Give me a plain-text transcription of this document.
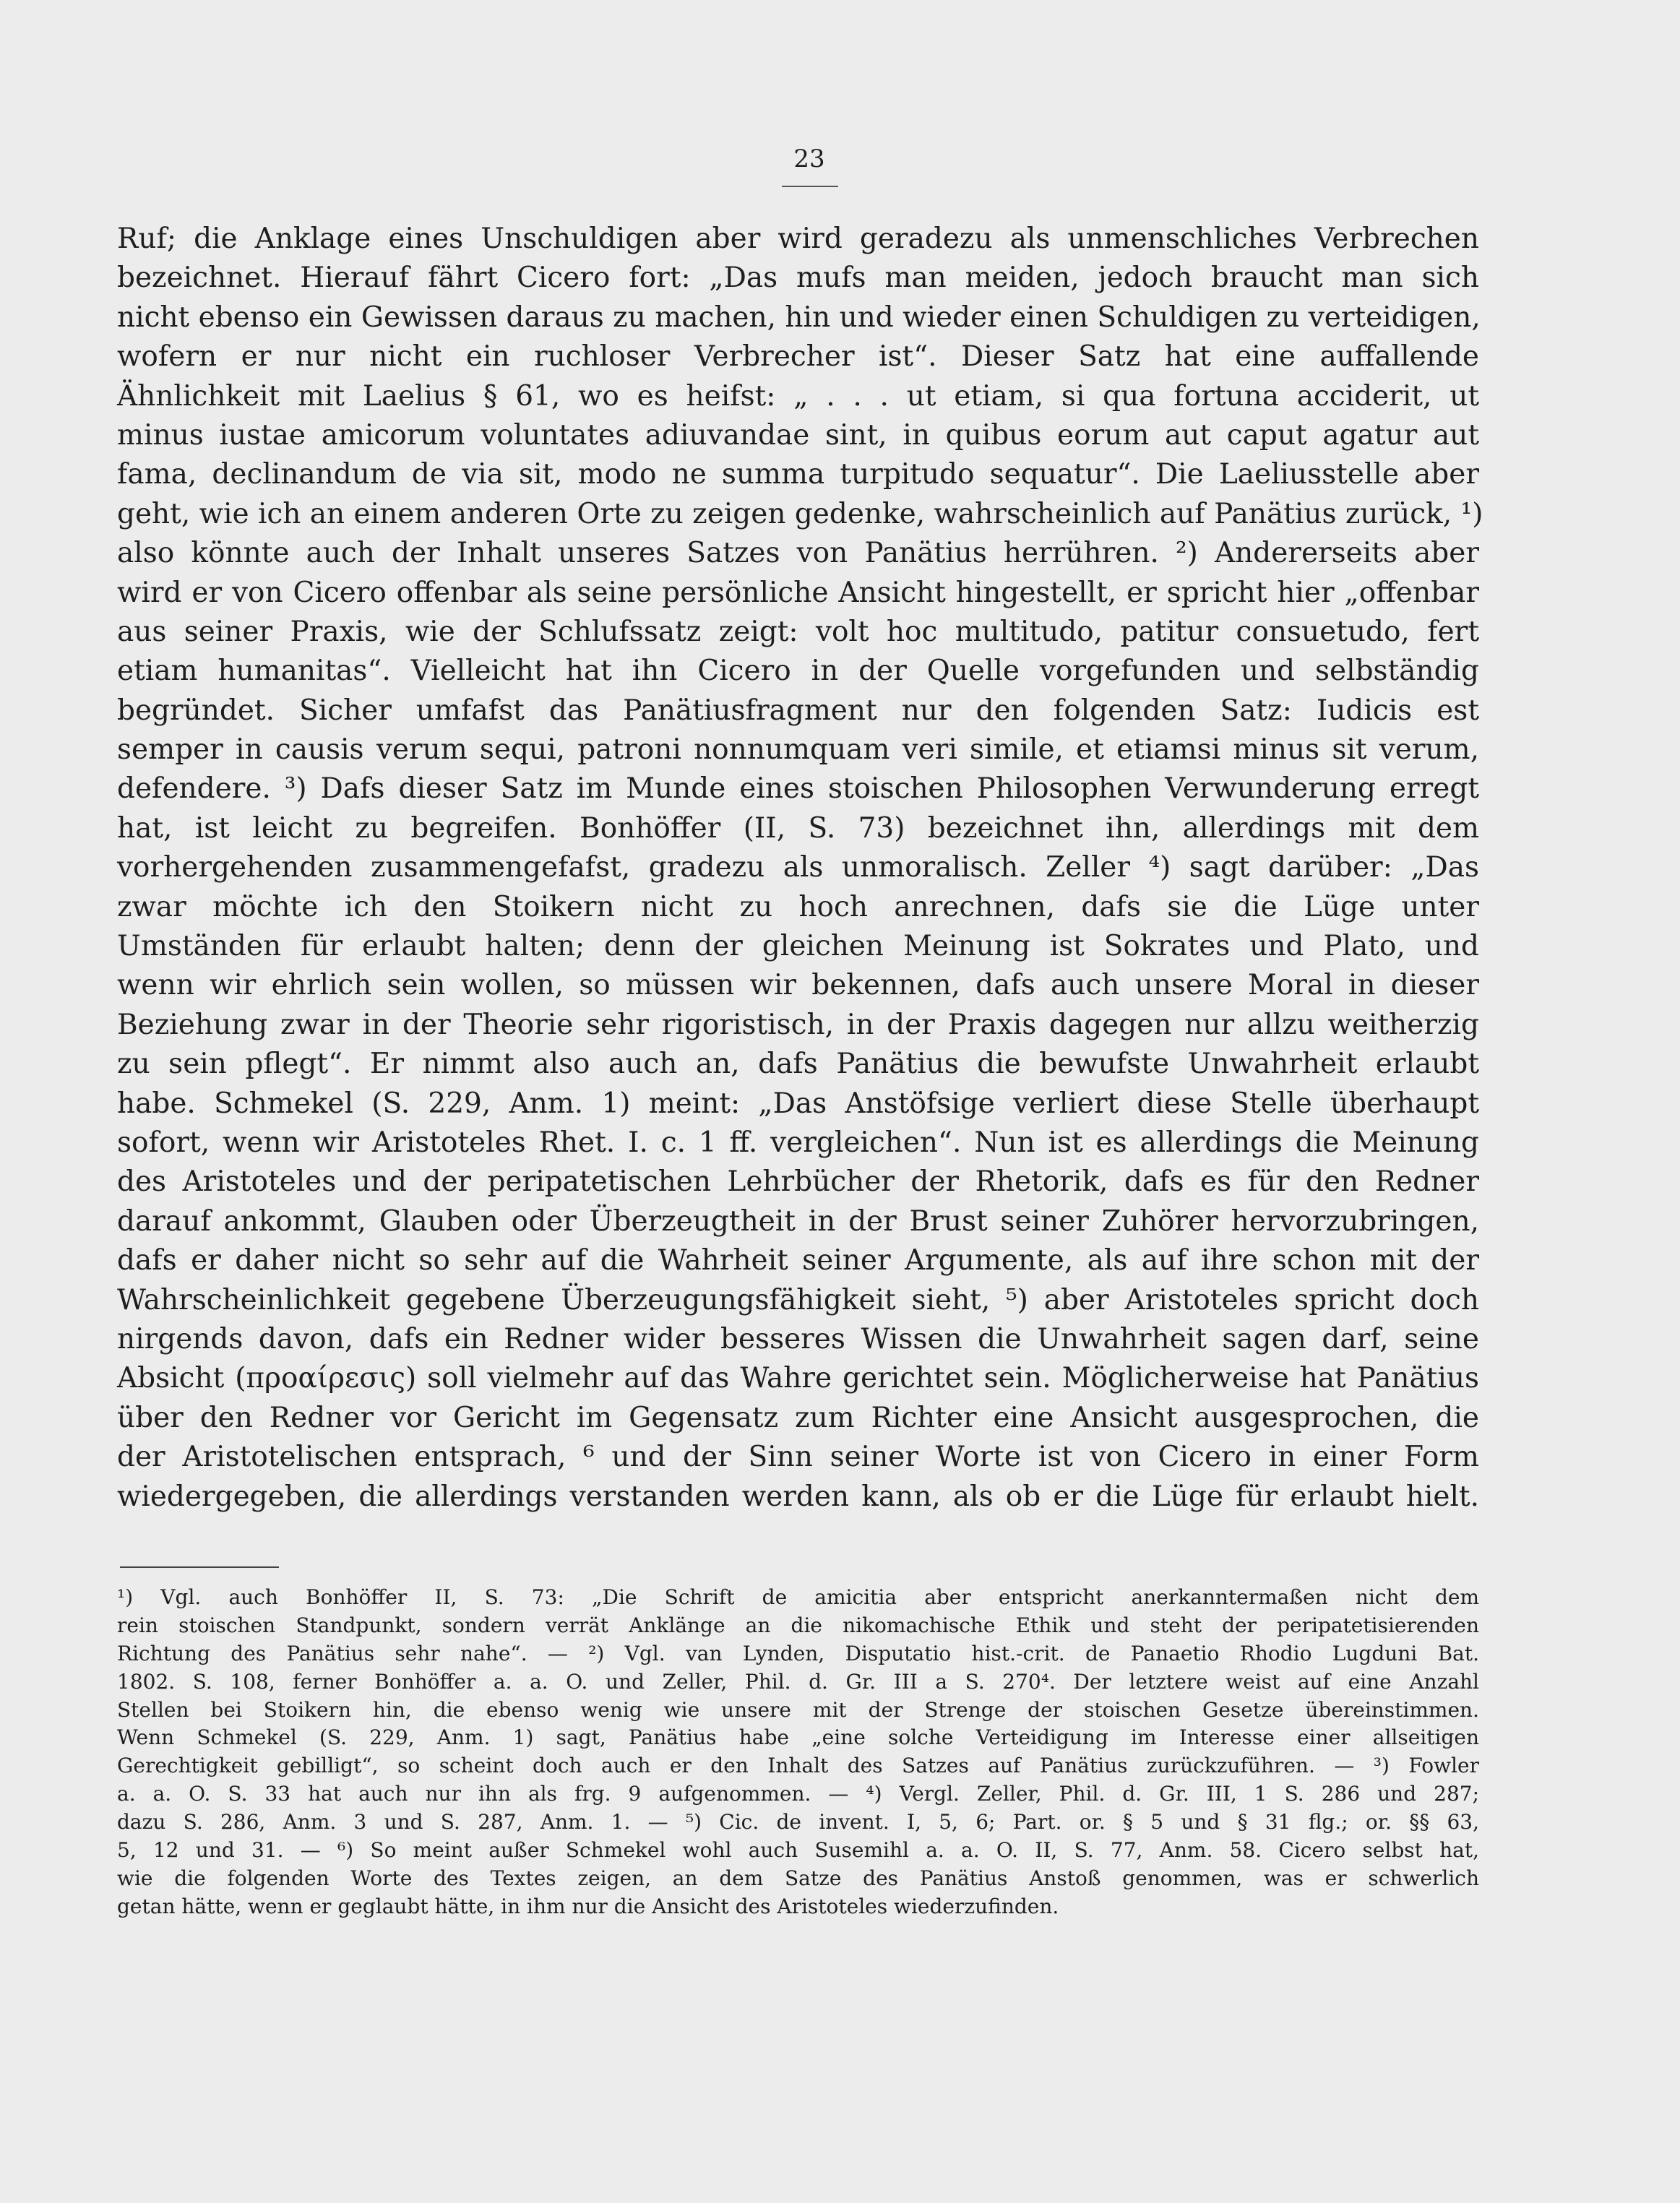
23
Ruf; die Anklage eines Unschuldigen aber wird geradezu als unmenschliches Verbrechen
bezeichnet. Hierauf fährt Cicero fort: „Das mufs man meiden, jedoch braucht man sich
nicht ebenso ein Gewissen daraus zu machen, hin und wieder einen Schuldigen zu verteidigen,
wofern er nur nicht ein ruchloser Verbrecher ist“. Dieser Satz hat eine auffallende
Ähnlichkeit mit Laelius § 61, wo es heifst: „ . . . ut etiam, si qua fortuna acciderit, ut
minus iustae amicorum voluntates adiuvandae sint, in quibus eorum aut caput agatur aut
fama, declinandum de via sit, modo ne summa turpitudo sequatur“. Die Laeliusstelle aber
geht, wie ich an einem anderen Orte zu zeigen gedenke, wahrscheinlich auf Panätius zurück, ¹)
also könnte auch der Inhalt unseres Satzes von Panätius herrühren. ²) Andererseits aber
wird er von Cicero offenbar als seine persönliche Ansicht hingestellt, er spricht hier „offenbar
aus seiner Praxis, wie der Schlufssatz zeigt: volt hoc multitudo, patitur consuetudo, fert
etiam humanitas“. Vielleicht hat ihn Cicero in der Quelle vorgefunden und selbständig
begründet. Sicher umfafst das Panätiusfragment nur den folgenden Satz: Iudicis est
semper in causis verum sequi, patroni nonnumquam veri simile, et etiamsi minus sit verum,
defendere. ³) Dafs dieser Satz im Munde eines stoischen Philosophen Verwunderung erregt
hat, ist leicht zu begreifen. Bonhöffer (II, S. 73) bezeichnet ihn, allerdings mit dem
vorhergehenden zusammengefafst, gradezu als unmoralisch. Zeller ⁴) sagt darüber: „Das
zwar möchte ich den Stoikern nicht zu hoch anrechnen, dafs sie die Lüge unter
Umständen für erlaubt halten; denn der gleichen Meinung ist Sokrates und Plato, und
wenn wir ehrlich sein wollen, so müssen wir bekennen, dafs auch unsere Moral in dieser
Beziehung zwar in der Theorie sehr rigoristisch, in der Praxis dagegen nur allzu weitherzig
zu sein pflegt“. Er nimmt also auch an, dafs Panätius die bewufste Unwahrheit erlaubt
habe. Schmekel (S. 229, Anm. 1) meint: „Das Anstöfsige verliert diese Stelle überhaupt
sofort, wenn wir Aristoteles Rhet. I. c. 1 ff. vergleichen“. Nun ist es allerdings die Meinung
des Aristoteles und der peripatetischen Lehrbücher der Rhetorik, dafs es für den Redner
darauf ankommt, Glauben oder Überzeugtheit in der Brust seiner Zuhörer hervorzubringen,
dafs er daher nicht so sehr auf die Wahrheit seiner Argumente, als auf ihre schon mit der
Wahrscheinlichkeit gegebene Überzeugungsfähigkeit sieht, ⁵) aber Aristoteles spricht doch
nirgends davon, dafs ein Redner wider besseres Wissen die Unwahrheit sagen darf, seine
Absicht (προαίρεσις) soll vielmehr auf das Wahre gerichtet sein. Möglicherweise hat Panätius
über den Redner vor Gericht im Gegensatz zum Richter eine Ansicht ausgesprochen, die
der Aristotelischen entsprach, ⁶ und der Sinn seiner Worte ist von Cicero in einer Form
wiedergegeben, die allerdings verstanden werden kann, als ob er die Lüge für erlaubt hielt.
¹) Vgl. auch Bonhöffer II, S. 73: „Die Schrift de amicitia aber entspricht anerkanntermaßen nicht dem
rein stoischen Standpunkt, sondern verrät Anklänge an die nikomachische Ethik und steht der peripatetisierenden
Richtung des Panätius sehr nahe“. — ²) Vgl. van Lynden, Disputatio hist.-crit. de Panaetio Rhodio Lugduni Bat.
1802. S. 108, ferner Bonhöffer a. a. O. und Zeller, Phil. d. Gr. III a S. 270⁴. Der letztere weist auf eine Anzahl
Stellen bei Stoikern hin, die ebenso wenig wie unsere mit der Strenge der stoischen Gesetze übereinstimmen.
Wenn Schmekel (S. 229, Anm. 1) sagt, Panätius habe „eine solche Verteidigung im Interesse einer allseitigen
Gerechtigkeit gebilligt“, so scheint doch auch er den Inhalt des Satzes auf Panätius zurückzuführen. — ³) Fowler
a. a. O. S. 33 hat auch nur ihn als frg. 9 aufgenommen. — ⁴) Vergl. Zeller, Phil. d. Gr. III, 1 S. 286 und 287;
dazu S. 286, Anm. 3 und S. 287, Anm. 1. — ⁵) Cic. de invent. I, 5, 6; Part. or. § 5 und § 31 flg.; or. §§ 63,
5, 12 und 31. — ⁶) So meint außer Schmekel wohl auch Susemihl a. a. O. II, S. 77, Anm. 58. Cicero selbst hat,
wie die folgenden Worte des Textes zeigen, an dem Satze des Panätius Anstoß genommen, was er schwerlich
getan hätte, wenn er geglaubt hätte, in ihm nur die Ansicht des Aristoteles wiederzufinden.
